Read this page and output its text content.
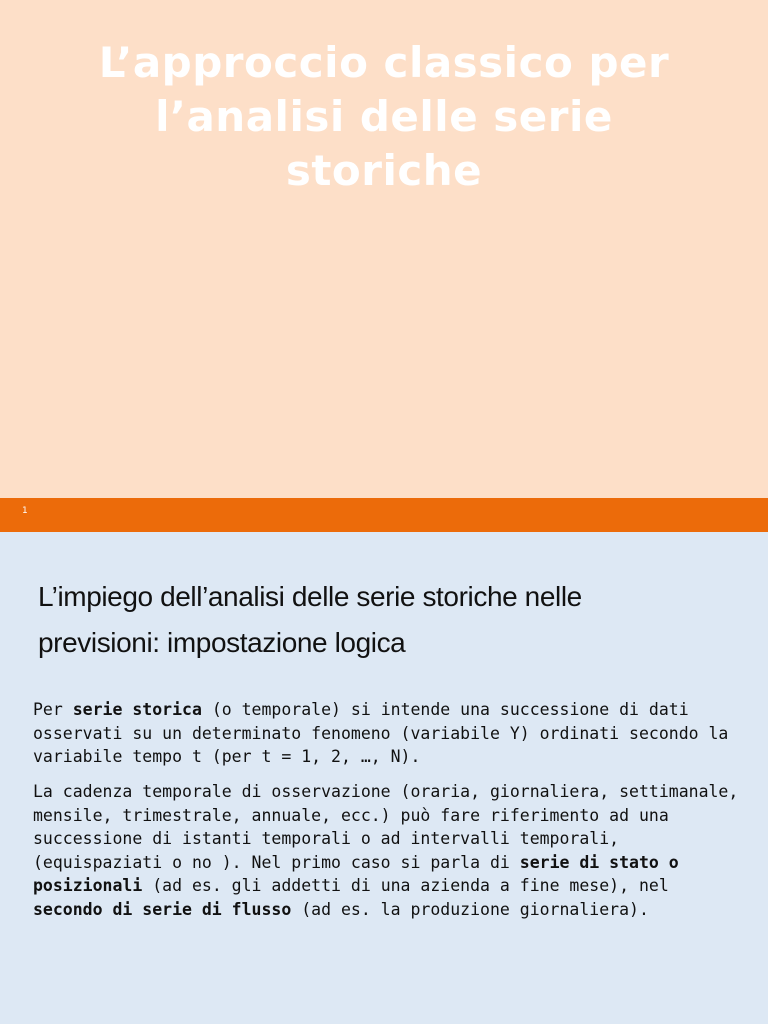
L’approccio classico per
l’analisi delle serie
storiche
1
L’impiego dell’analisi delle serie storiche nelle
previsioni: impostazione logica

Per serie storica (o temporale) si intende una successione di dati osservati su un determinato fenomeno (variabile Y) ordinati secondo la variabile tempo t (per t = 1, 2, …, N).

La cadenza temporale di osservazione (oraria, giornaliera, settimanale, mensile, trimestrale, annuale, ecc.) può fare riferimento ad una successione di istanti temporali o ad intervalli temporali, (equispaziati o no ). Nel primo caso si parla di serie di stato o posizionali (ad es. gli addetti di una azienda a fine mese), nel secondo di serie di flusso (ad es. la produzione giornaliera).
